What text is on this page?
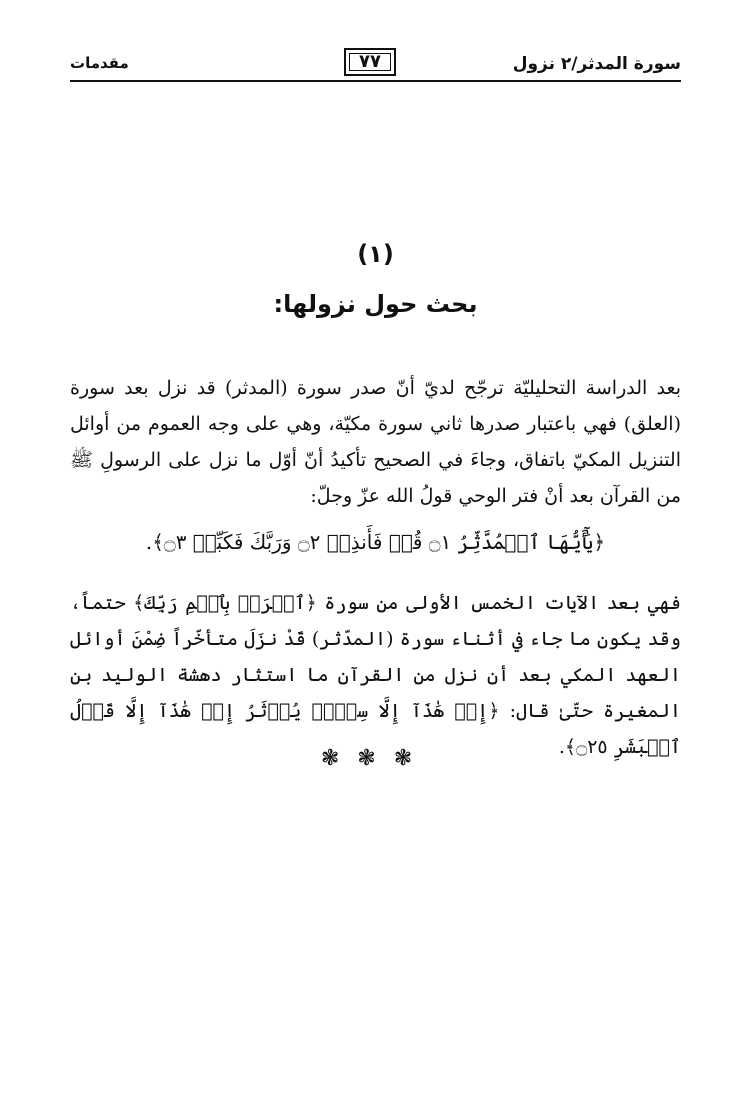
سورة المدثر/٢ نزول
٧٧
مقدمات
(١)
بحث حول نزولها:

بعد الدراسة التحليليّة ترجّح لديّ أنّ صدر سورة (المدثر) قد نزل بعد سورة (العلق) فهي باعتبار صدرها ثاني سورة مكيّة، وهي على وجه العموم من أوائل التنزيل المكيّ باتفاق، وجاءَ في الصحيح تأكيدُ أنّ أوّل ما نزل على الرسولِ ﷺ من القرآن بعد أنْ فتر الوحي قولُ الله عزّ وجلّ:

﴿يَٰٓأَيُّهَا ٱلۡمُدَّثِّرُ ۝١ قُمۡ فَأَنذِرۡ ۝٢ وَرَبَّكَ فَكَبِّرۡ ۝٣﴾.

فهي بعد الآيات الخمس الأولى من سورة ﴿ٱقۡرَأۡ بِٱسۡمِ رَبِّكَ﴾ حتماً، وقد يكون ما جاء في أثناء سورة (المدّثر) قَدْ نزَلَ متأخّراً ضِمْنَ أوائل العهد المكي بعد أن نزل من القرآن ما استثار دهشة الوليد بن المغيرة حتّىٰ قال: ﴿إِنۡ هَٰذَآ إِلَّا سِحۡرٞ يُؤۡثَرُ إِنۡ هَٰذَآ إِلَّا قَوۡلُ ٱلۡبَشَرِ ۝٢٥﴾.

❃❃❃
